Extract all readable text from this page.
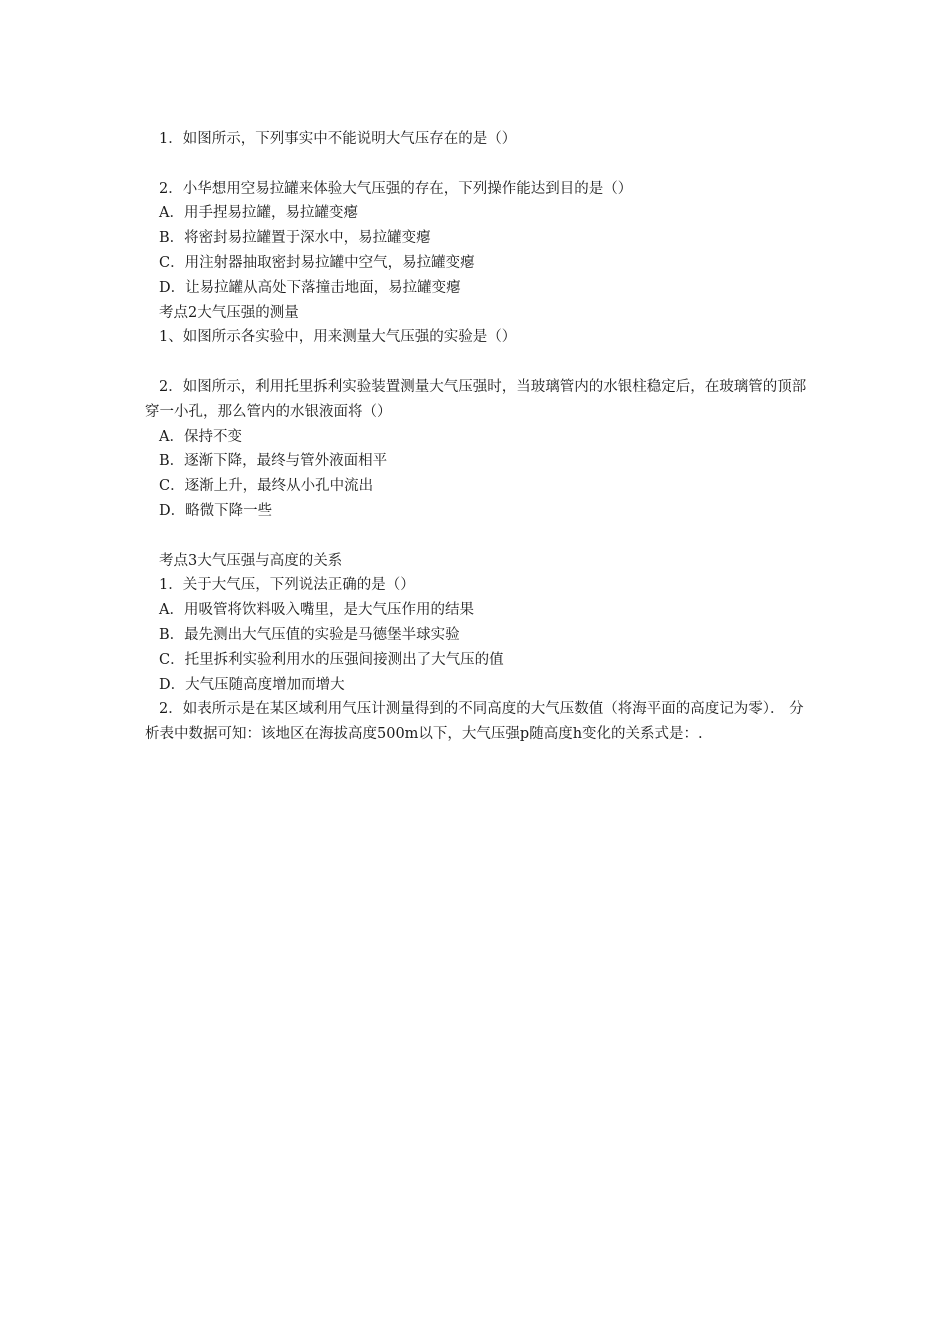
1．如图所示，下列事实中不能说明大气压存在的是（）
2．小华想用空易拉罐来体验大气压强的存在，下列操作能达到目的是（）
A．用手捏易拉罐，易拉罐变瘪
B．将密封易拉罐置于深水中，易拉罐变瘪
C．用注射器抽取密封易拉罐中空气，易拉罐变瘪
D．让易拉罐从高处下落撞击地面，易拉罐变瘪
考点2大气压强的测量
1、如图所示各实验中，用来测量大气压强的实验是（）
2．如图所示，利用托里拆利实验装置测量大气压强时，当玻璃管内的水银柱稳定后，在玻璃管的顶部穿一小孔，那么管内的水银液面将（）
A．保持不变
B．逐渐下降，最终与管外液面相平
C．逐渐上升，最终从小孔中流出
D．略微下降一些
考点3大气压强与高度的关系
1．关于大气压，下列说法正确的是（）
A．用吸管将饮料吸入嘴里，是大气压作用的结果
B．最先测出大气压值的实验是马德堡半球实验
C．托里拆利实验利用水的压强间接测出了大气压的值
D．大气压随高度增加而增大
2．如表所示是在某区域利用气压计测量得到的不同高度的大气压数值（将海平面的高度记为零）． 分析表中数据可知：该地区在海拔高度500m以下，大气压强p随高度h变化的关系式是：.
